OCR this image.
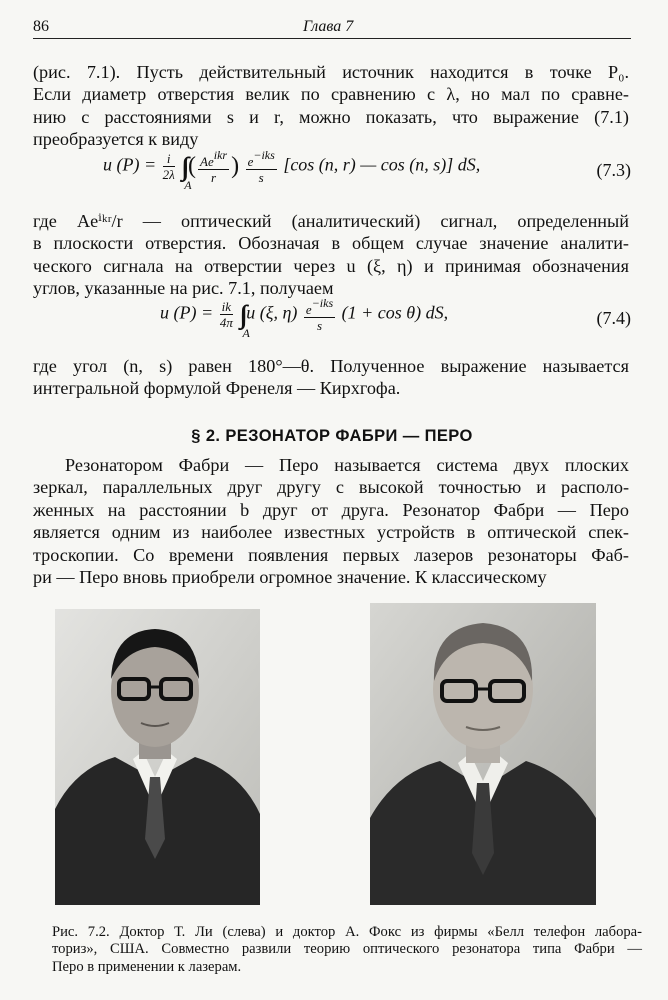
86	Глава 7
(рис. 7.1). Пусть действительный источник находится в точке P₀.
Если диаметр отверстия велик по сравнению с λ, но мал по сравне-
нию с расстояниями s и r, можно показать, что выражение (7.1)
преобразуется к виду
u $(P) = \frac{i}{2\lambda}$ ∫∫
A
( $\frac{\text{Aeikr}}{r}$ ) $\frac{\text{e−iks}}{s} [\cos$ (n, r) — cos (n, s)] dS,	(7.3)
где Aeⁱᵏʳ/r — оптический (аналитический) сигнал, определенный
в плоскости отверстия. Обозначая в общем случае значение аналити-
ческого сигнала на отверстии через u (ξ, η) и принимая обозначения
углов, указанные на рис. 7.1, получаем
u $(P) = \frac{ik}{4\pi}$ ∫∫
A
u (ξ, $\eta) \frac{\text{e−iks}}{s} (1 + \cos \theta)$ dS,	(7.4)
где угол (n, s) равен 180°—θ. Полученное выражение называется
интегральной формулой Френеля — Кирхгофа.
§ 2. РЕЗОНАТОР ФАБРИ — ПЕРО
Резонатором Фабри — Перо называется система двух плоских
зеркал, параллельных друг другу с высокой точностью и располо-
женных на расстоянии b друг от друга. Резонатор Фабри — Перо
является одним из наиболее известных устройств в оптической спек-
троскопии. Со времени появления первых лазеров резонаторы Фаб-
ри — Перо вновь приобрели огромное значение. К классическому
Рис. 7.2. Доктор Т. Ли (слева) и доктор А. Фокс из фирмы «Белл телефон лабора-
ториз», США. Совместно развили теорию оптического резонатора типа Фабри —
Перо в применении к лазерам.
